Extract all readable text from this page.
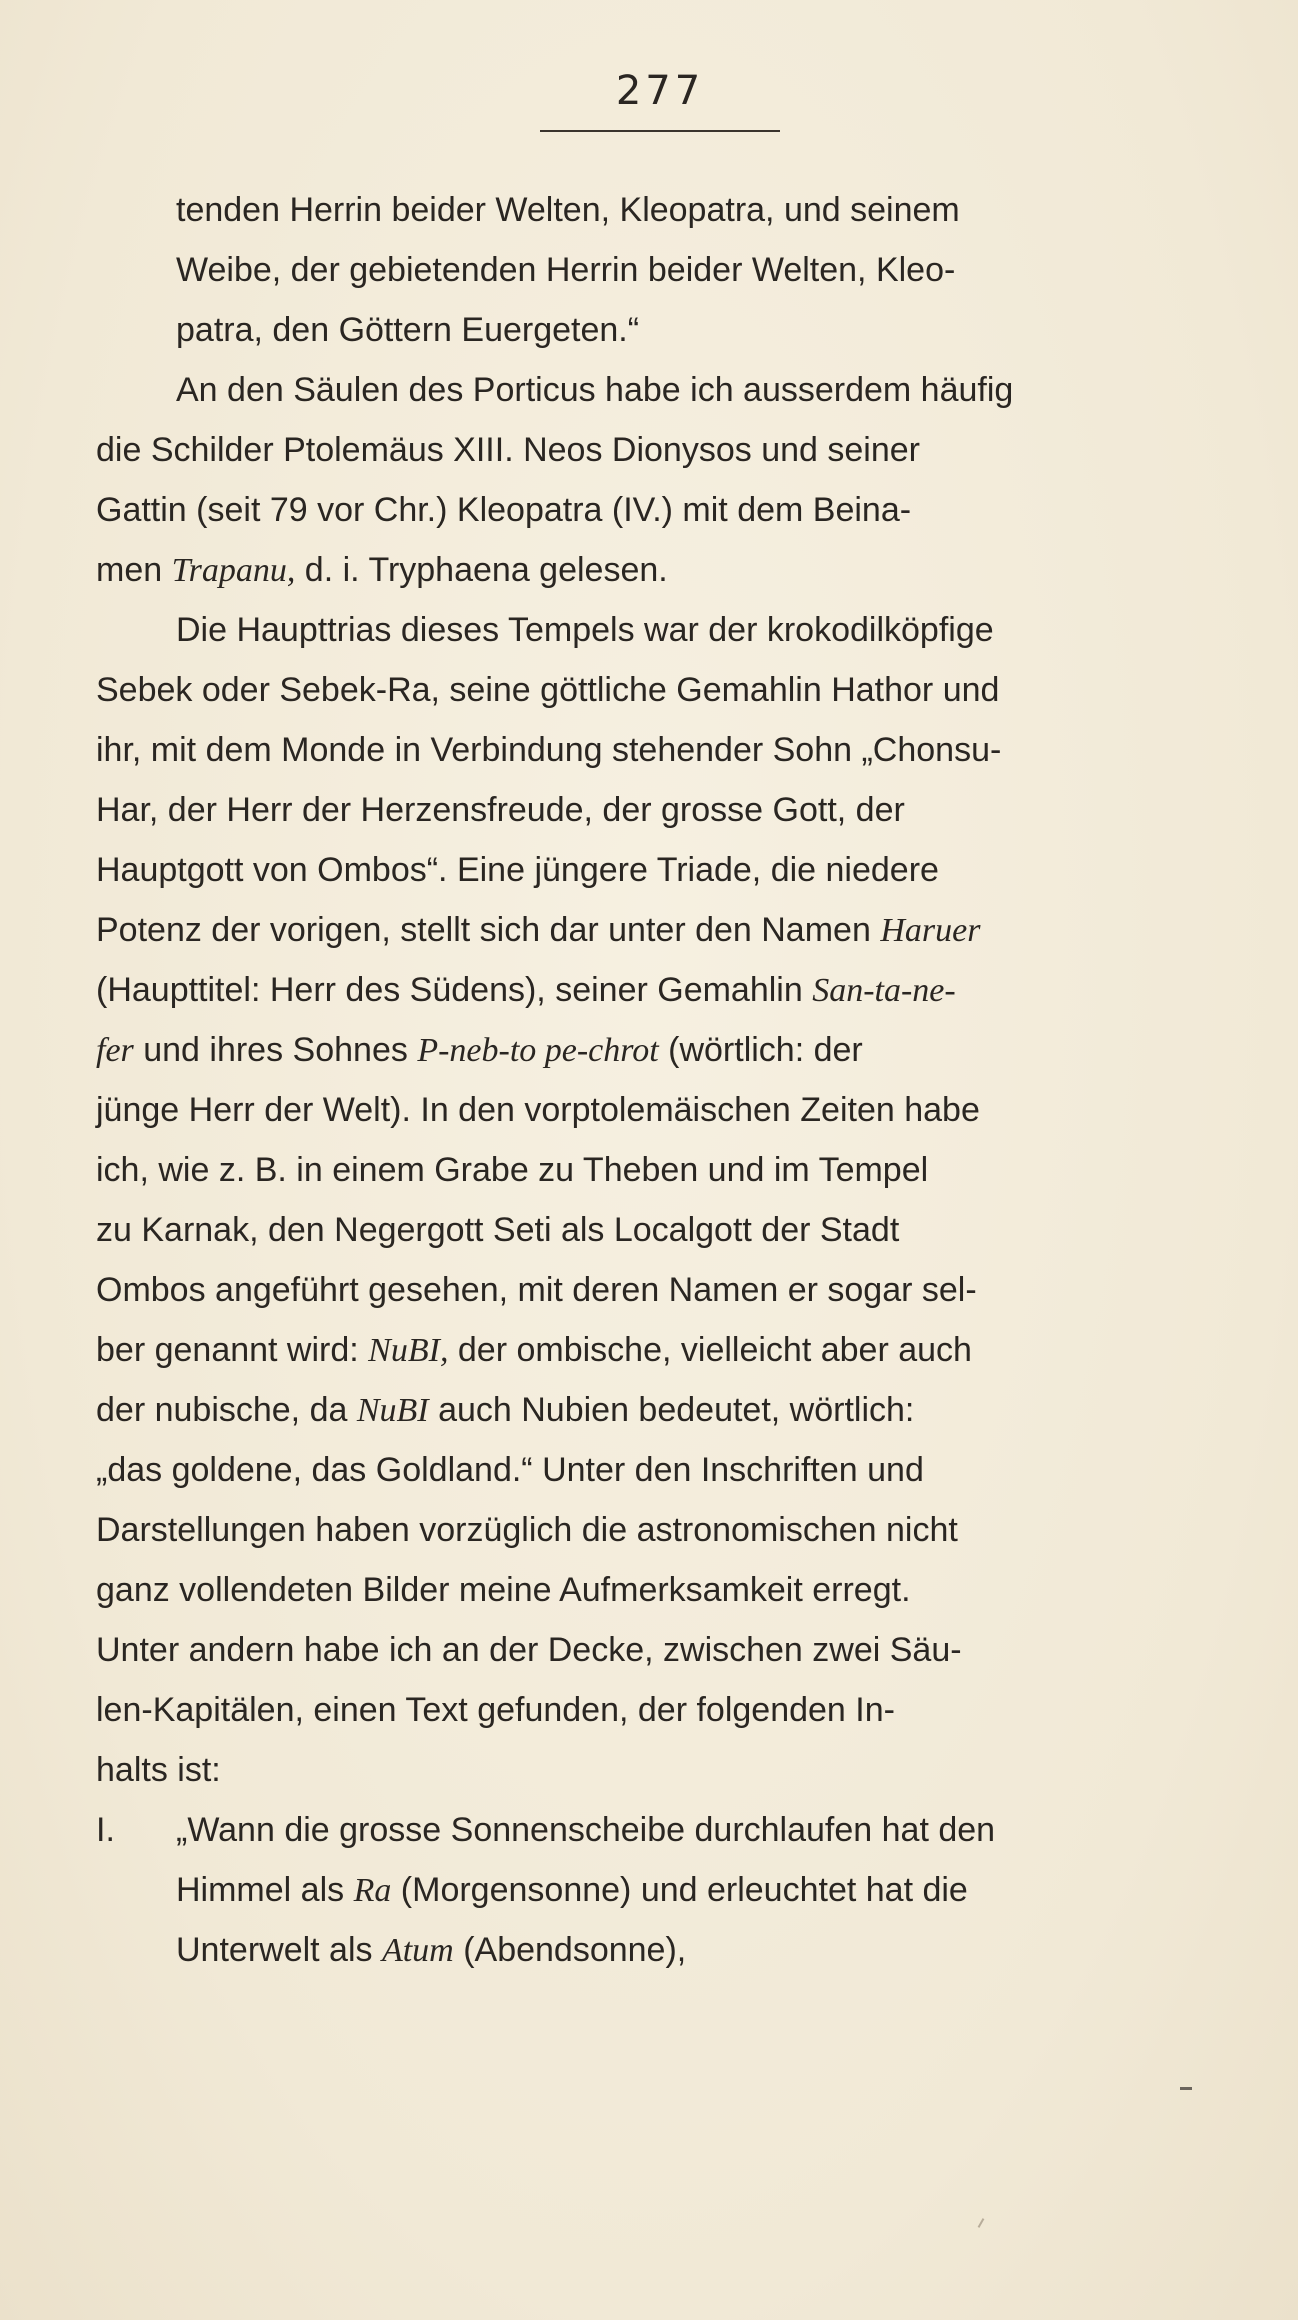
277
tenden Herrin beider Welten, Kleopatra, und seinem
Weibe, der gebietenden Herrin beider Welten, Kleo-
patra, den Göttern Euergeten.“
An den Säulen des Porticus habe ich ausserdem häufig
die Schilder Ptolemäus XIII. Neos Dionysos und seiner
Gattin (seit 79 vor Chr.) Kleopatra (IV.) mit dem Beina-
men Trapanu, d. i. Tryphaena gelesen.
Die Haupttrias dieses Tempels war der krokodilköpfige
Sebek oder Sebek-Ra, seine göttliche Gemahlin Hathor und
ihr, mit dem Monde in Verbindung stehender Sohn „Chonsu-
Har, der Herr der Herzensfreude, der grosse Gott, der
Hauptgott von Ombos“. Eine jüngere Triade, die niedere
Potenz der vorigen, stellt sich dar unter den Namen Haruer
(Haupttitel: Herr des Südens), seiner Gemahlin San-ta-ne-
fer und ihres Sohnes P-neb-to pe-chrot (wörtlich: der
jünge Herr der Welt). In den vorptolemäischen Zeiten habe
ich, wie z. B. in einem Grabe zu Theben und im Tempel
zu Karnak, den Negergott Seti als Localgott der Stadt
Ombos angeführt gesehen, mit deren Namen er sogar sel-
ber genannt wird: NuBI, der ombische, vielleicht aber auch
der nubische, da NuBI auch Nubien bedeutet, wörtlich:
„das goldene, das Goldland.“ Unter den Inschriften und
Darstellungen haben vorzüglich die astronomischen nicht
ganz vollendeten Bilder meine Aufmerksamkeit erregt.
Unter andern habe ich an der Decke, zwischen zwei Säu-
len-Kapitälen, einen Text gefunden, der folgenden In-
halts ist:
I. „Wann die grosse Sonnenscheibe durchlaufen hat den
Himmel als Ra (Morgensonne) und erleuchtet hat die
Unterwelt als Atum (Abendsonne),
